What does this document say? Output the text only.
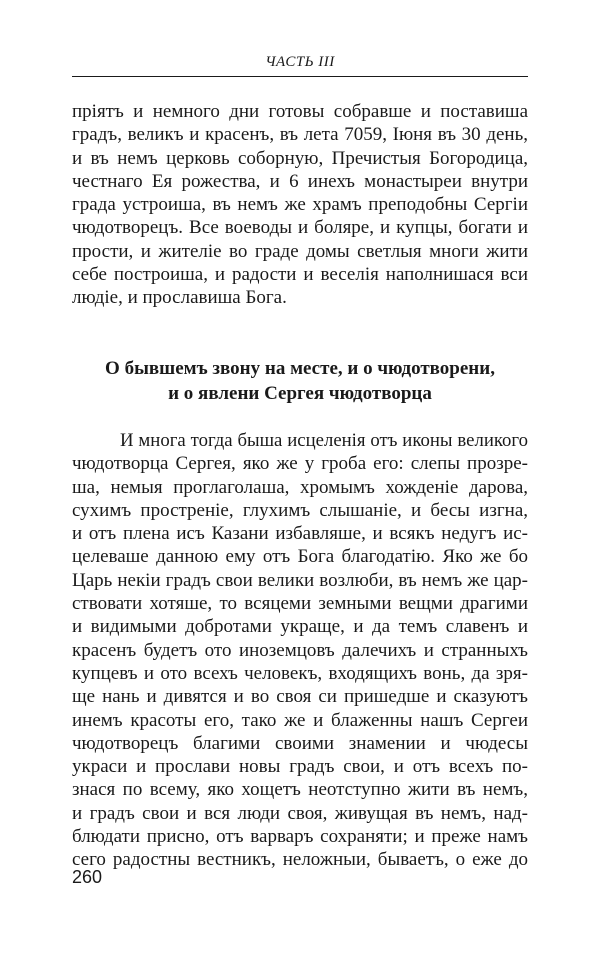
ЧАСТЬ III
пріятъ и немного дни готовы собравше и поставиша
градъ, великъ и красенъ, въ лета 7059, Іюня въ 30 день,
и въ немъ церковь соборную, Пречистыя Богородица,
честнаго Ея рожества, и 6 инехъ монастыреи внутри
града устроиша, въ немъ же храмъ преподобны Сергіи
чюдотворецъ. Все воеводы и боляре, и купцы, богати и
прости, и жителіе во граде домы светлыя многи жити
себе построиша, и радости и веселія наполнишася вси
людіе, и прославиша Бога.
О бывшемъ звону на месте, и о чюдотворени,
и о явлени Сергея чюдотворца
И многа тогда быша исцеленія отъ иконы великого
чюдотворца Сергея, яко же у гроба его: слепы прозре-
ша, немыя проглаголаша, хромымъ хожденіе дарова,
сухимъ простреніе, глухимъ слышаніе, и бесы изгна,
и отъ плена исъ Казани избавляше, и всякъ недугъ ис-
целеваше данною ему отъ Бога благодатію. Яко же бо
Царь некіи градъ свои велики возлюби, въ немъ же цар-
ствовати хотяше, то всяцеми земными вещми драгими
и видимыми добротами украще, и да темъ славенъ и
красенъ будетъ ото иноземцовъ далечихъ и странныхъ
купцевъ и ото всехъ человекъ, входящихъ вонь, да зря-
ще нань и дивятся и во своя си пришедше и сказуютъ
инемъ красоты его, тако же и блаженны нашъ Сергеи
чюдотворецъ благими своими знамении и чюдесы
украси и прослави новы градъ свои, и отъ всехъ по-
знася по всему, яко хощетъ неотступно жити въ немъ,
и градъ свои и вся люди своя, живущая въ немъ, над-
блюдати присно, отъ варваръ сохраняти; и преже намъ
сего радостны вестникъ, неложныи, бываетъ, о еже до
260
